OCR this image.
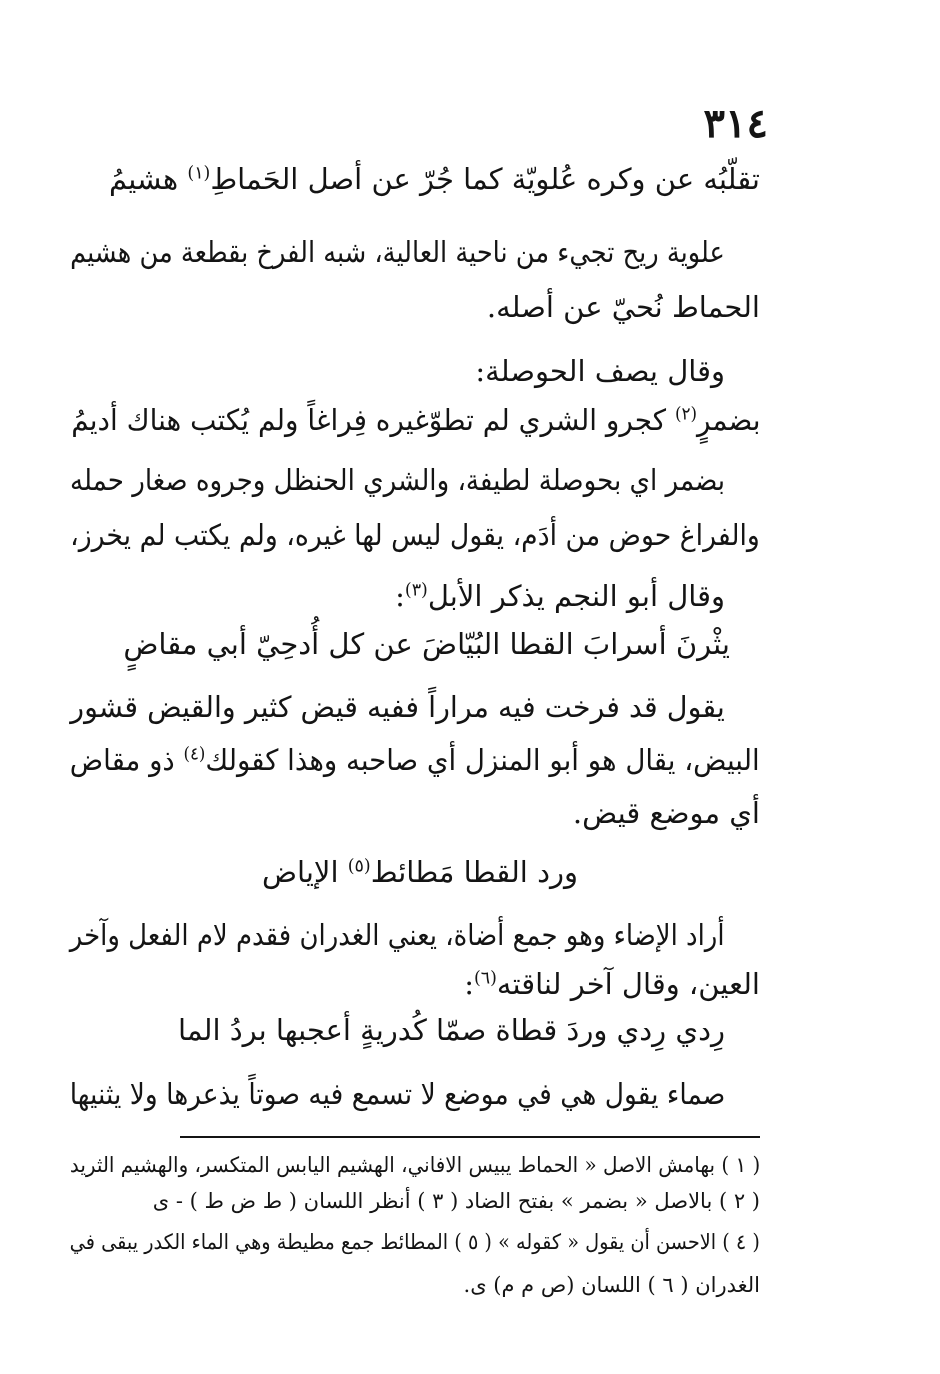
٣١٤

تقلّبُه عن وكره عُلويّة كما جُرّ عن أصل الحَماطِ$^{(١)}$ هشيمُ

علوية ريح تجيء من ناحية العالية، شبه الفرخ بقطعة من هشيم

الحماط نُحيّ عن أصله.

وقال يصف الحوصلة:

بضمرٍ$^{(٢)}$ كجرو الشري لم تطوّغيره فِراغاً ولم يُكتب هناك أديمُ

بضمر اي بحوصلة لطيفة، والشري الحنظل وجروه صغار حمله

والفراغ حوض من أدَم، يقول ليس لها غيره، ولم يكتب لم يخرز،

وقال أبو النجم يذكر الأبل$^{(٣)}$:

يثْرنَ أسرابَ القطا البُيّاضَ عن كل أُدحِيّ أبي مقاضٍ

يقول قد فرخت فيه مراراً ففيه قيض كثير والقيض قشور

البيض، يقال هو أبو المنزل أي صاحبه وهذا كقولك$^{(٤)}$ ذو مقاض

أي موضع قيض.

ورد القطا مَطائط$^{(٥)}$ الإياض

أراد الإضاء وهو جمع أضاة، يعني الغدران فقدم لام الفعل وآخر

العين، وقال آخر لناقته$^{(٦)}$:

رِدي رِدي وردَ قطاة صمّا كُدريةٍ أعجبها بردُ الما

صماء يقول هي في موضع لا تسمع فيه صوتاً يذعرها ولا يثنيها

( ١ ) بهامش الاصل « الحماط يبيس الافاني، الهشيم اليابس المتكسر، والهشيم الثريد

( ٢ ) بالاصل « بضمر » بفتح الضاد ( ٣ ) أنظر اللسان ( ط ض ط ) - ى

( ٤ ) الاحسن أن يقول « كقوله » ( ٥ ) المطائط جمع مطيطة وهي الماء الكدر يبقى في

الغدران ( ٦ ) اللسان (ص م م) ى.
